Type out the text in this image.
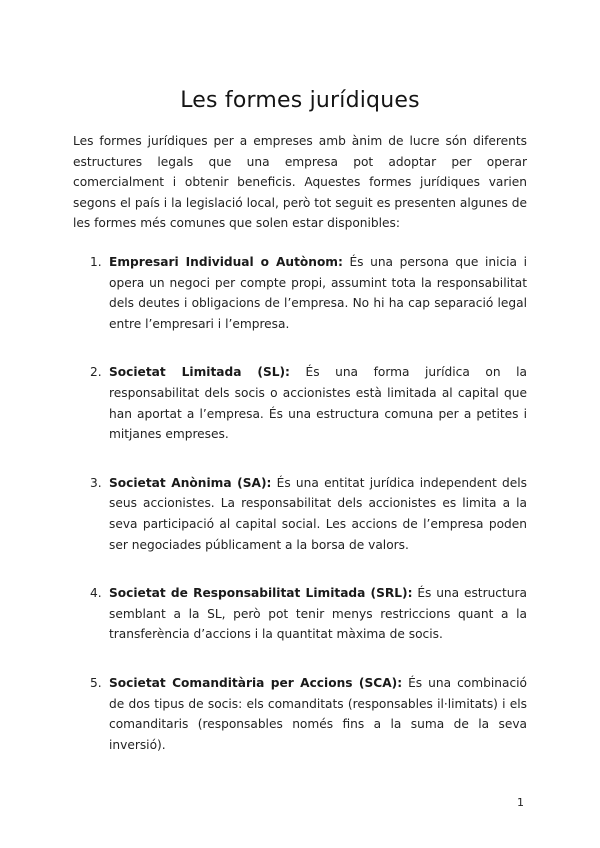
Les formes jurídiques

Les formes jurídiques per a empreses amb ànim de lucre són diferents estructures legals que una empresa pot adoptar per operar comercialment i obtenir beneficis. Aquestes formes jurídiques varien segons el país i la legislació local, però tot seguit es presenten algunes de les formes més comunes que solen estar disponibles:

1. Empresari Individual o Autònom: És una persona que inicia i opera un negoci per compte propi, assumint tota la responsabilitat dels deutes i obligacions de l’empresa. No hi ha cap separació legal entre l’empresari i l’empresa.
2. Societat Limitada (SL): És una forma jurídica on la responsabilitat dels socis o accionistes està limitada al capital que han aportat a l’empresa. És una estructura comuna per a petites i mitjanes empreses.
3. Societat Anònima (SA): És una entitat jurídica independent dels seus accionistes. La responsabilitat dels accionistes es limita a la seva participació al capital social. Les accions de l’empresa poden ser negociades públicament a la borsa de valors.
4. Societat de Responsabilitat Limitada (SRL): És una estructura semblant a la SL, però pot tenir menys restriccions quant a la transferència d’accions i la quantitat màxima de socis.
5. Societat Comanditària per Accions (SCA): És una combinació de dos tipus de socis: els comanditats (responsables il·limitats) i els comanditaris (responsables només fins a la suma de la seva inversió).
1
